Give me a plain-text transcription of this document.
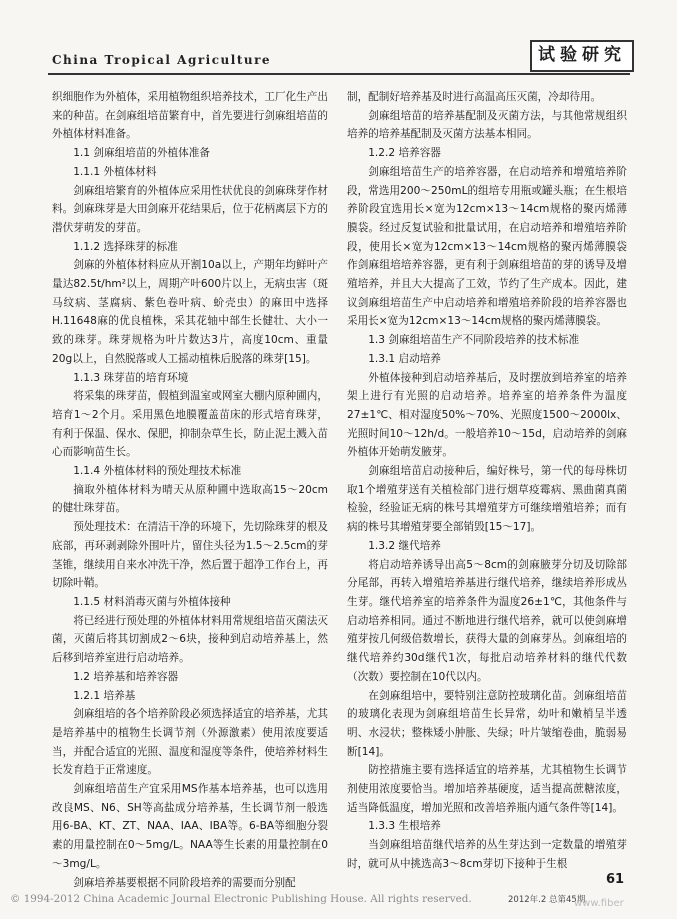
China Tropical Agriculture	试验研究

织细胞作为外植体，采用植物组织培养技术，工厂化生产出来的种苗。在剑麻组培苗繁育中，首先要进行剑麻组培苗的外植体材料准备。

1.1 剑麻组培苗的外植体准备

1.1.1 外植体材料

剑麻组培繁育的外植体应采用性状优良的剑麻珠芽作材料。剑麻珠芽是大田剑麻开花结果后，位于花柄离层下方的潜伏芽萌发的芽苗。

1.1.2 选择珠芽的标准

剑麻的外植体材料应从开割10a以上，产期年均鲜叶产量达82.5t/hm²以上，周期产叶600片以上，无病虫害（斑马纹病、茎腐病、紫色卷叶病、蚧壳虫）的麻田中选择H.11648麻的优良植株，采其花轴中部生长健壮、大小一致的珠芽。珠芽规格为叶片数达3片，高度10cm、重量20g以上，自然脱落或人工摇动植株后脱落的珠芽[15]。

1.1.3 珠芽苗的培育环境

将采集的珠芽苗，假植到温室或网室大棚内原种圃内，培育1～2个月。采用黑色地膜覆盖苗床的形式培育珠芽，有利于保温、保水、保肥，抑制杂草生长，防止泥土溅入苗心而影响苗生长。

1.1.4 外植体材料的预处理技术标准

摘取外植体材料为晴天从原种圃中选取高15～20cm的健壮珠芽苗。

预处理技术：在清洁干净的环境下，先切除珠芽的根及底部，再环剥剥除外围叶片，留住头径为1.5～2.5cm的芽茎锥，继续用自来水冲洗干净，然后置于超净工作台上，再切除叶鞘。

1.1.5 材料消毒灭菌与外植体接种

将已经进行预处理的外植体材料用常规组培苗灭菌法灭菌，灭菌后将其切割成2～6块，接种到启动培养基上，然后移到培养室进行启动培养。

1.2 培养基和培养容器

1.2.1 培养基

剑麻组培的各个培养阶段必须选择适宜的培养基，尤其是培养基中的植物生长调节剂（外源激素）使用浓度要适当，并配合适宜的光照、温度和湿度等条件，使培养材料生长发育趋于正常速度。

剑麻组培苗生产宜采用MS作基本培养基，也可以选用改良MS、N6、SH等高盐成分培养基，生长调节剂一般选用6-BA、KT、ZT、NAA、IAA、IBA等。6-BA等细胞分裂素的用量控制在0～5mg/L。NAA等生长素的用量控制在0～3mg/L。

剑麻培养基要根据不同阶段培养的需要而分别配

制，配制好培养基及时进行高温高压灭菌，冷却待用。

剑麻组培苗的培养基配制及灭菌方法，与其他常规组织培养的培养基配制及灭菌方法基本相同。

1.2.2 培养容器

剑麻组培苗生产的培养容器，在启动培养和增殖培养阶段，常选用200～250mL的组培专用瓶或罐头瓶；在生根培养阶段宜选用长×宽为12cm×13～14cm规格的聚丙烯薄膜袋。经过反复试验和批量试用，在启动培养和增殖培养阶段，使用长×宽为12cm×13～14cm规格的聚丙烯薄膜袋作剑麻组培培养容器，更有利于剑麻组培苗的芽的诱导及增殖培养，并且大大提高了工效，节约了生产成本。因此，建议剑麻组培苗生产中启动培养和增殖培养阶段的培养容器也采用长×宽为12cm×13～14cm规格的聚丙烯薄膜袋。

1.3 剑麻组培苗生产不同阶段培养的技术标准

1.3.1 启动培养

外植体接种到启动培养基后，及时摆放到培养室的培养架上进行有光照的启动培养。培养室的培养条件为温度27±1℃、相对湿度50%～70%、光照度1500～2000lx、光照时间10～12h/d。一般培养10～15d，启动培养的剑麻外植体开始萌发腋芽。

剑麻组培苗启动接种后，编好株号，第一代的每母株切取1个增殖芽送有关植检部门进行烟草疫霉病、黑曲菌真菌检验，经验证无病的株号其增殖芽方可继续增殖培养；而有病的株号其增殖芽要全部销毁[15～17]。

1.3.2 继代培养

将启动培养诱导出高5～8cm的剑麻腋芽分切及切除部分尾部，再转入增殖培养基进行继代培养，继续培养形成丛生芽。继代培养室的培养条件为温度26±1℃，其他条件与启动培养相同。通过不断地进行继代培养，就可以使剑麻增殖芽按几何级倍数增长，获得大量的剑麻芽丛。剑麻组培的继代培养约30d继代1次，每批启动培养材料的继代代数（次数）要控制在10代以内。

在剑麻组培中，要特别注意防控玻璃化苗。剑麻组培苗的玻璃化表现为剑麻组培苗生长异常，幼叶和嫩梢呈半透明、水浸状；整株矮小肿胀、失绿；叶片皱缩卷曲，脆弱易断[14]。

防控措施主要有选择适宜的培养基，尤其植物生长调节剂使用浓度要恰当。增加培养基硬度，适当提高蔗糖浓度，适当降低温度，增加光照和改善培养瓶内通气条件等[14]。

1.3.3 生根培养

当剑麻组培苗继代培养的丛生芽达到一定数量的增殖芽时，就可从中挑选高3～8cm芽切下接种于生根

61
2012年.2 总第45期
© 1994-2012 China Academic Journal Electronic Publishing House. All rights reserved.	www.fiber
